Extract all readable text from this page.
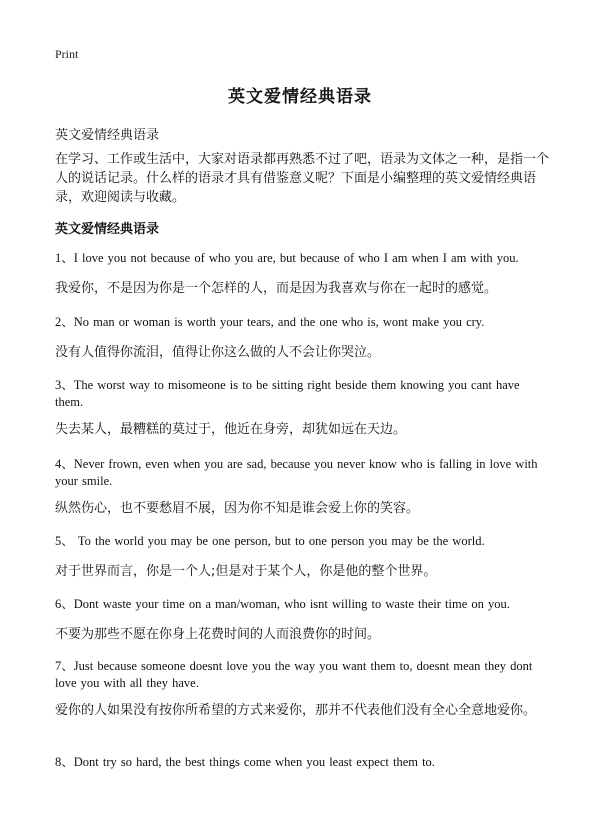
Print
英文爱情经典语录
英文爱情经典语录
在学习、工作或生活中，大家对语录都再熟悉不过了吧，语录为文体之一种，是指一个人的说话记录。什么样的语录才具有借鉴意义呢？下面是小编整理的英文爱情经典语录，欢迎阅读与收藏。
英文爱情经典语录
1、I love you not because of who you are, but because of who I am when I am with you.
我爱你，不是因为你是一个怎样的人，而是因为我喜欢与你在一起时的感觉。
2、No man or woman is worth your tears, and the one who is, wont make you cry.
没有人值得你流泪，值得让你这么做的人不会让你哭泣。
3、The worst way to misomeone is to be sitting right beside them knowing you cant have them.
失去某人，最糟糕的莫过于，他近在身旁，却犹如远在天边。
4、Never frown, even when you are sad, because you never know who is falling in love with your smile.
纵然伤心，也不要愁眉不展，因为你不知是谁会爱上你的笑容。
5、 To the world you may be one person, but to one person you may be the world.
对于世界而言，你是一个人;但是对于某个人，你是他的整个世界。
6、Dont waste your time on a man/woman, who isnt willing to waste their time on you.
不要为那些不愿在你身上花费时间的人而浪费你的时间。
7、Just because someone doesnt love you the way you want them to, doesnt mean they dont love you with all they have.
爱你的人如果没有按你所希望的方式来爱你，那并不代表他们没有全心全意地爱你。
8、Dont try so hard, the best things come when you least expect them to.
